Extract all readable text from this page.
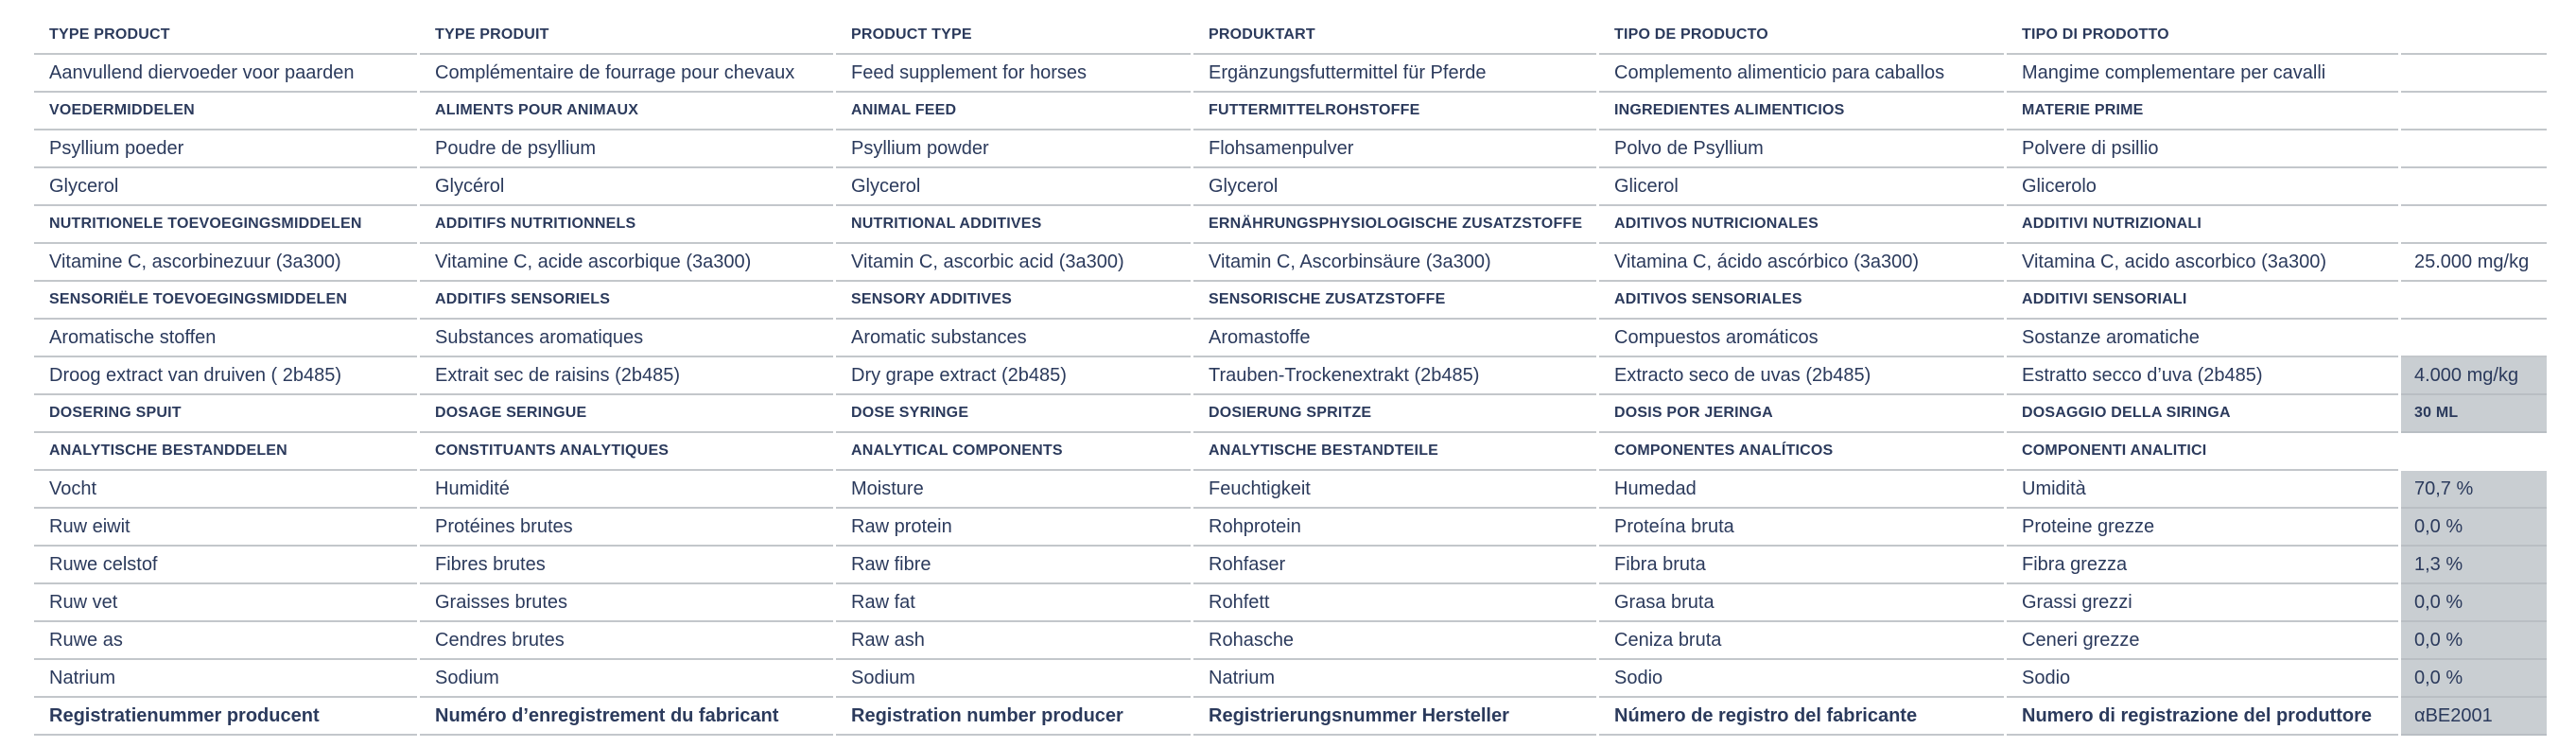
TYPE PRODUCT	TYPE PRODUIT	PRODUCT TYPE	PRODUKTART	TIPO DE PRODUCTO	TIPO DI PRODOTTO	
Aanvullend diervoeder voor paarden	Complémentaire de fourrage pour chevaux	Feed supplement for horses	Ergänzungsfuttermittel für Pferde	Complemento alimenticio para caballos	Mangime complementare per cavalli	
VOEDERMIDDELEN	ALIMENTS POUR ANIMAUX	ANIMAL FEED	FUTTERMITTELROHSTOFFE	INGREDIENTES ALIMENTICIOS	MATERIE PRIME	
Psyllium poeder	Poudre de psyllium	Psyllium powder	Flohsamenpulver	Polvo de Psyllium	Polvere di psillio	
Glycerol	Glycérol	Glycerol	Glycerol	Glicerol	Glicerolo	
NUTRITIONELE TOEVOEGINGSMIDDELEN	ADDITIFS NUTRITIONNELS	NUTRITIONAL ADDITIVES	ERNÄHRUNGSPHYSIOLOGISCHE ZUSATZSTOFFE	ADITIVOS NUTRICIONALES	ADDITIVI NUTRIZIONALI	
Vitamine C, ascorbinezuur (3a300)	Vitamine C, acide ascorbique (3a300)	Vitamin C, ascorbic acid (3a300)	Vitamin C, Ascorbinsäure (3a300)	Vitamina C, ácido ascórbico (3a300)	Vitamina C, acido ascorbico (3a300)	25.000 mg/kg
SENSORIËLE TOEVOEGINGSMIDDELEN	ADDITIFS SENSORIELS	SENSORY ADDITIVES	SENSORISCHE ZUSATZSTOFFE	ADITIVOS SENSORIALES	ADDITIVI SENSORIALI	
Aromatische stoffen	Substances aromatiques	Aromatic substances	Aromastoffe	Compuestos aromáticos	Sostanze aromatiche	
Droog extract van druiven ( 2b485)	Extrait sec de raisins (2b485)	Dry grape extract (2b485)	Trauben-Trockenextrakt (2b485)	Extracto seco de uvas (2b485)	Estratto secco d’uva (2b485)	4.000 mg/kg
DOSERING SPUIT	DOSAGE SERINGUE	DOSE SYRINGE	DOSIERUNG SPRITZE	DOSIS POR JERINGA	DOSAGGIO DELLA SIRINGA	30 ML
ANALYTISCHE BESTANDDELEN	CONSTITUANTS ANALYTIQUES	ANALYTICAL COMPONENTS	ANALYTISCHE BESTANDTEILE	COMPONENTES ANALÍTICOS	COMPONENTI ANALITICI	
Vocht	Humidité	Moisture	Feuchtigkeit	Humedad	Umidità	70,7 %
Ruw eiwit	Protéines brutes	Raw protein	Rohprotein	Proteína bruta	Proteine grezze	0,0 %
Ruwe celstof	Fibres brutes	Raw fibre	Rohfaser	Fibra bruta	Fibra grezza	1,3 %
Ruw vet	Graisses brutes	Raw fat	Rohfett	Grasa bruta	Grassi grezzi	0,0 %
Ruwe as	Cendres brutes	Raw ash	Rohasche	Ceniza bruta	Ceneri grezze	0,0 %
Natrium	Sodium	Sodium	Natrium	Sodio	Sodio	0,0 %
Registratienummer producent	Numéro d’enregistrement du fabricant	Registration number producer	Registrierungsnummer Hersteller	Número de registro del fabricante	Numero di registrazione del produttore	αBE2001
